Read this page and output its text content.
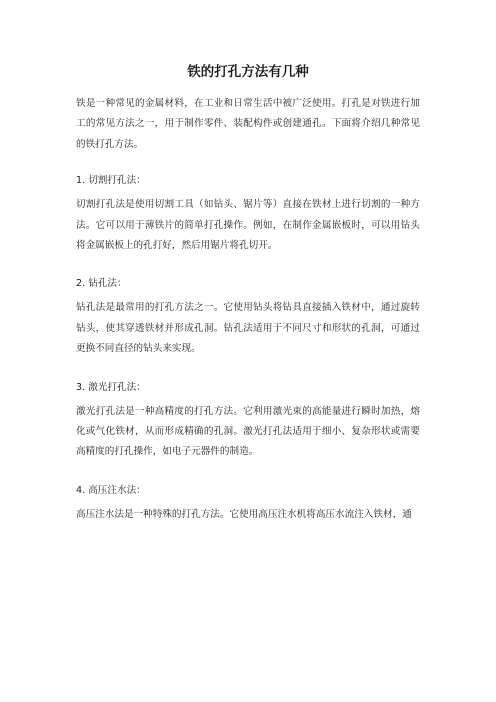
铁的打孔方法有几种

铁是一种常见的金属材料，在工业和日常生活中被广泛使用。打孔是对铁进行加工的常见方法之一，用于制作零件、装配构件或创建通孔。下面将介绍几种常见的铁打孔方法。

1. 切割打孔法：

切割打孔法是使用切割工具（如钻头、锯片等）直接在铁材上进行切割的一种方法。它可以用于薄铁片的简单打孔操作。例如，在制作金属嵌板时，可以用钻头将金属嵌板上的孔打好，然后用锯片将孔切开。

2. 钻孔法：

钻孔法是最常用的打孔方法之一。它使用钻头将钻具直接插入铁材中，通过旋转钻头，使其穿透铁材并形成孔洞。钻孔法适用于不同尺寸和形状的孔洞，可通过更换不同直径的钻头来实现。

3. 激光打孔法：

激光打孔法是一种高精度的打孔方法。它利用激光束的高能量进行瞬时加热，熔化或气化铁材，从而形成精确的孔洞。激光打孔法适用于细小、复杂形状或需要高精度的打孔操作，如电子元器件的制造。

4. 高压注水法：

高压注水法是一种特殊的打孔方法。它使用高压注水机将高压水流注入铁材，通
